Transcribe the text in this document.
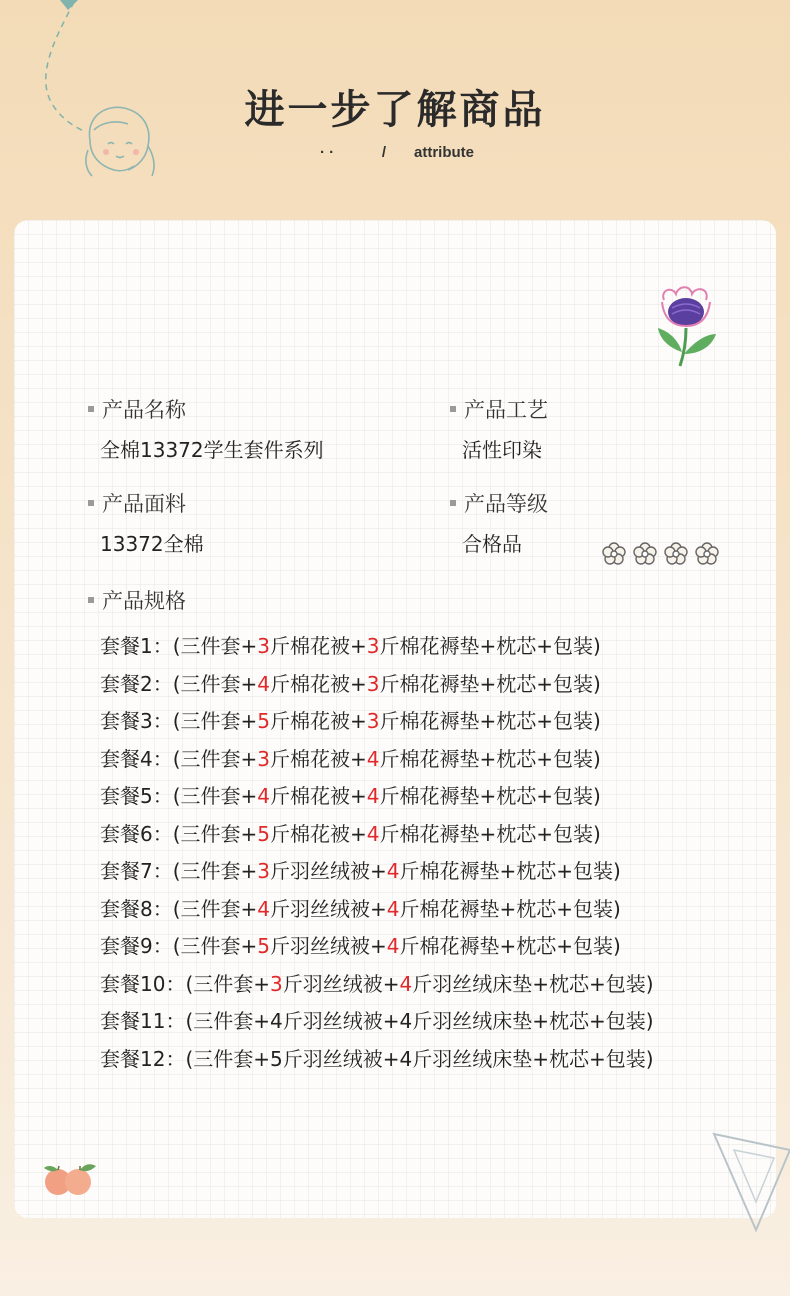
进一步了解商品
· ·	/ attribute
产品名称
全棉13372学生套件系列
产品工艺
活性印染
产品面料
13372全棉
产品等级
合格品
产品规格
套餐1：(三件套+3斤棉花被+3斤棉花褥垫+枕芯+包装)
套餐2：(三件套+4斤棉花被+3斤棉花褥垫+枕芯+包装)
套餐3：(三件套+5斤棉花被+3斤棉花褥垫+枕芯+包装)
套餐4：(三件套+3斤棉花被+4斤棉花褥垫+枕芯+包装)
套餐5：(三件套+4斤棉花被+4斤棉花褥垫+枕芯+包装)
套餐6：(三件套+5斤棉花被+4斤棉花褥垫+枕芯+包装)
套餐7：(三件套+3斤羽丝绒被+4斤棉花褥垫+枕芯+包装)
套餐8：(三件套+4斤羽丝绒被+4斤棉花褥垫+枕芯+包装)
套餐9：(三件套+5斤羽丝绒被+4斤棉花褥垫+枕芯+包装)
套餐10：(三件套+3斤羽丝绒被+4斤羽丝绒床垫+枕芯+包装)
套餐11：(三件套+4斤羽丝绒被+4斤羽丝绒床垫+枕芯+包装)
套餐12：(三件套+5斤羽丝绒被+4斤羽丝绒床垫+枕芯+包装)
